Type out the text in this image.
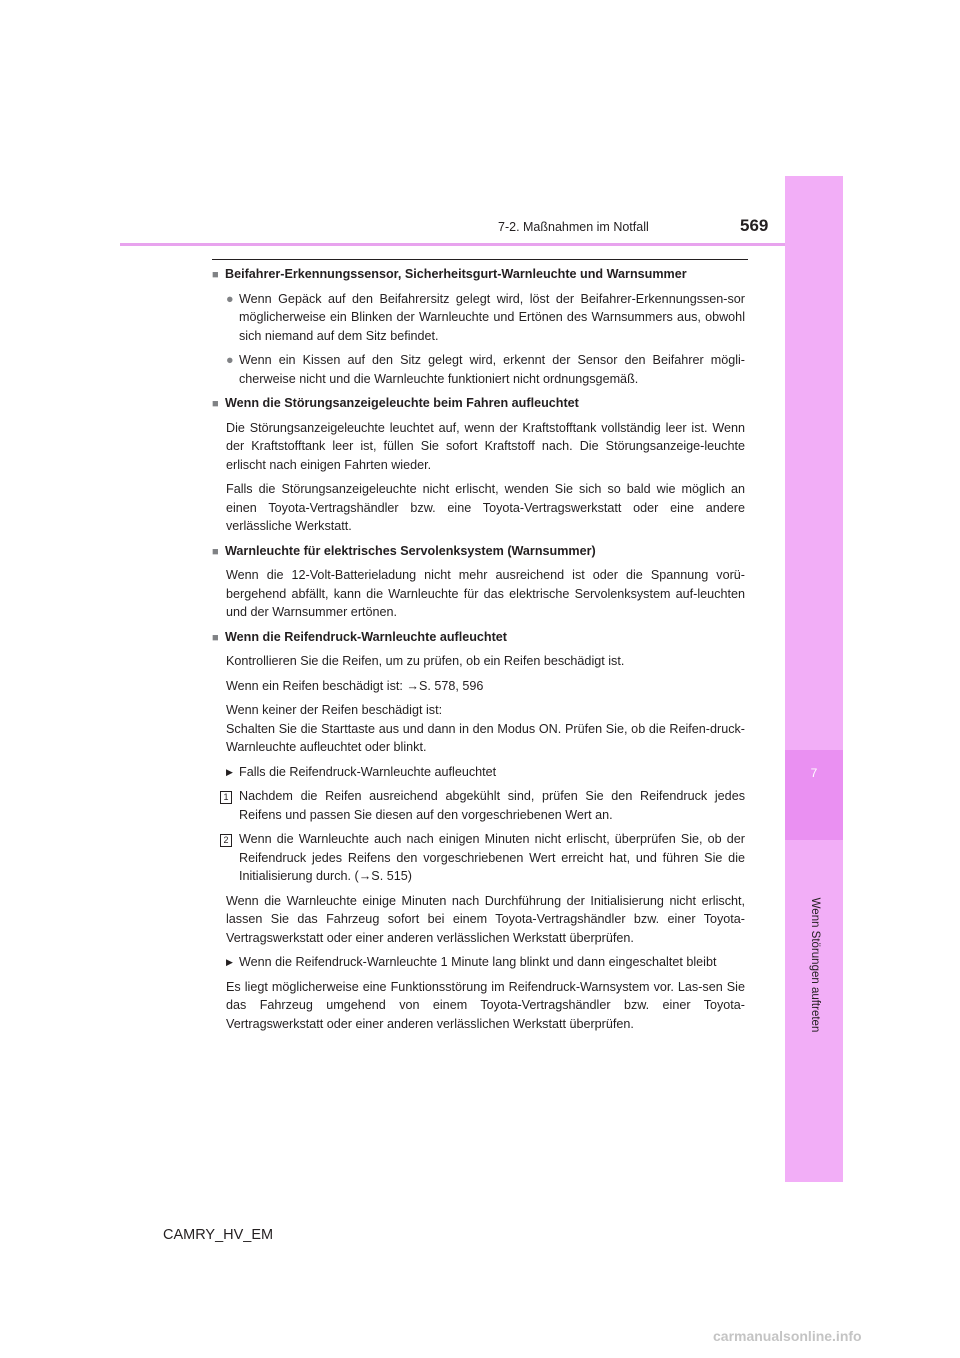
7
Wenn Störungen auftreten
7-2. Maßnahmen im Notfall	569

■ Beifahrer-Erkennungssensor, Sicherheitsgurt-Warnleuchte und Warnsummer

● Wenn Gepäck auf den Beifahrersitz gelegt wird, löst der Beifahrer-Erkennungssen-sor möglicherweise ein Blinken der Warnleuchte und Ertönen des Warnsummers aus, obwohl sich niemand auf dem Sitz befindet.

● Wenn ein Kissen auf den Sitz gelegt wird, erkennt der Sensor den Beifahrer mögli-cherweise nicht und die Warnleuchte funktioniert nicht ordnungsgemäß.

■ Wenn die Störungsanzeigeleuchte beim Fahren aufleuchtet

Die Störungsanzeigeleuchte leuchtet auf, wenn der Kraftstofftank vollständig leer ist. Wenn der Kraftstofftank leer ist, füllen Sie sofort Kraftstoff nach. Die Störungsanzeige-leuchte erlischt nach einigen Fahrten wieder.

Falls die Störungsanzeigeleuchte nicht erlischt, wenden Sie sich so bald wie möglich an einen Toyota-Vertragshändler bzw. eine Toyota-Vertragswerkstatt oder eine andere verlässliche Werkstatt.

■ Warnleuchte für elektrisches Servolenksystem (Warnsummer)

Wenn die 12-Volt-Batterieladung nicht mehr ausreichend ist oder die Spannung vorü-bergehend abfällt, kann die Warnleuchte für das elektrische Servolenksystem auf-leuchten und der Warnsummer ertönen.

■ Wenn die Reifendruck-Warnleuchte aufleuchtet

Kontrollieren Sie die Reifen, um zu prüfen, ob ein Reifen beschädigt ist.

Wenn ein Reifen beschädigt ist: →S. 578, 596

Wenn keiner der Reifen beschädigt ist:
Schalten Sie die Starttaste aus und dann in den Modus ON. Prüfen Sie, ob die Reifen-druck-Warnleuchte aufleuchtet oder blinkt.

▶ Falls die Reifendruck-Warnleuchte aufleuchtet

1 Nachdem die Reifen ausreichend abgekühlt sind, prüfen Sie den Reifendruck jedes Reifens und passen Sie diesen auf den vorgeschriebenen Wert an.

2 Wenn die Warnleuchte auch nach einigen Minuten nicht erlischt, überprüfen Sie, ob der Reifendruck jedes Reifens den vorgeschriebenen Wert erreicht hat, und führen Sie die Initialisierung durch. (→S. 515)

Wenn die Warnleuchte einige Minuten nach Durchführung der Initialisierung nicht erlischt, lassen Sie das Fahrzeug sofort bei einem Toyota-Vertragshändler bzw. einer Toyota-Vertragswerkstatt oder einer anderen verlässlichen Werkstatt überprüfen.

▶ Wenn die Reifendruck-Warnleuchte 1 Minute lang blinkt und dann eingeschaltet bleibt

Es liegt möglicherweise eine Funktionsstörung im Reifendruck-Warnsystem vor. Las-sen Sie das Fahrzeug umgehend von einem Toyota-Vertragshändler bzw. einer Toyota-Vertragswerkstatt oder einer anderen verlässlichen Werkstatt überprüfen.

CAMRY_HV_EM
carmanualsonline.info
